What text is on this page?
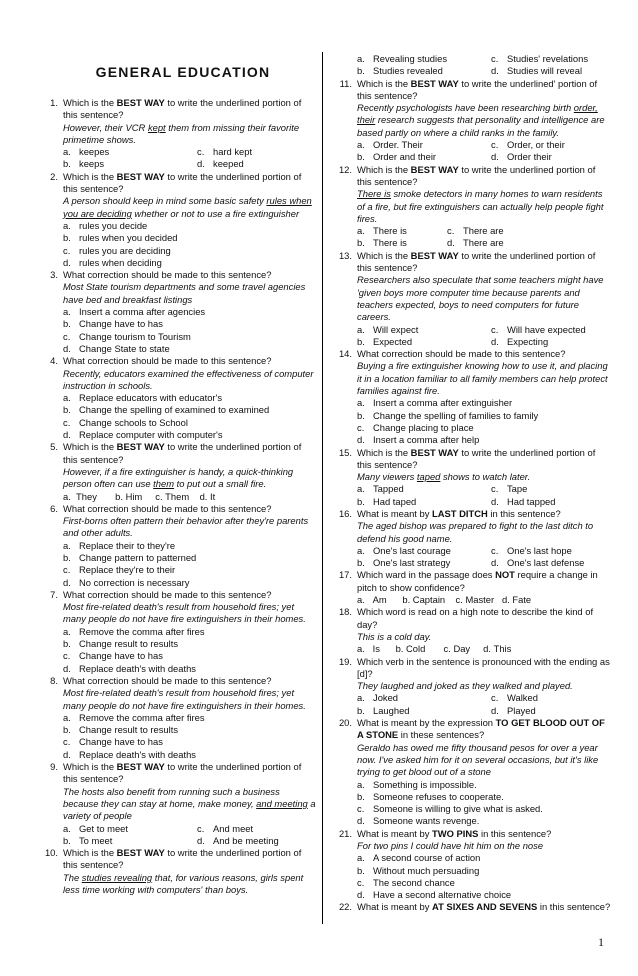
GENERAL EDUCATION
1. Which is the BEST WAY to write the underlined portion of this sentence?
However, their VCR kept them from missing their favorite primetime shows.
a. keepes	c. hard kept
b. keeps	d. keeped
2. Which is the BEST WAY to write the underlined portion of this sentence?
A person should keep in mind some basic safety rules when you are deciding whether or not to use a fire extinguisher
a. rules you decide
b. rules when you decided
c. rules you are deciding
d. rules when deciding
3. What correction should be made to this sentence?
Most State tourism departments and some travel agencies have bed and breakfast listings
a. Insert a comma after agencies
b. Change have to has
c. Change tourism to Tourism
d. Change State to state
4. What correction should be made to this sentence?
Recently, educators examined the effectiveness of computer instruction in schools.
a. Replace educators with educator's
b. Change the spelling of examined to examined
c. Change schools to School
d. Replace computer with computer's
5. Which is the BEST WAY to write the underlined portion of this sentence?
However, if a fire extinguisher is handy, a quick-thinking person often can use them to put out a small fire.
a. They b. Him c. Them d. It
6. What correction should be made to this sentence?
First-borns often pattern their behavior after they're parents and other adults.
a. Replace their to they're
b. Change pattern to patterned
c. Replace they're to their
d. No correction is necessary
7. What correction should be made to this sentence?
Most fire-related death's result from household fires; yet many people do not have fire extinguishers in their homes.
a. Remove the comma after fires
b. Change result to results
c. Change have to has
d. Replace death's with deaths
8. What correction should be made to this sentence?
Most fire-related death's result from household fires; yet many people do not have fire extinguishers in their homes.
a. Remove the comma after fires
b. Change result to results
c. Change have to has
d. Replace death's with deaths
9. Which is the BEST WAY to write the underlined portion of this sentence?
The hosts also benefit from running such a business because they can stay at home, make money, and meeting a variety of people
a. Get to meet	c. And meet
b. To meet	d. And be meeting
10. Which is the BEST WAY to write the underlined portion of this sentence?
The studies revealing that, for various reasons, girls spent less time working with computers' than boys.
a. Revealing studies	c. Studies' revelations
b. Studies revealed	d. Studies will reveal
11. Which is the BEST WAY to write the underlined' portion of this sentence?
Recently psychologists have been researching birth order, their research suggests that personality and intelligence are based partly on where a child ranks in the family.
a. Order. Their	c. Order, or their
b. Order and their	d. Order their
12. Which is the BEST WAY to write the underlined portion of this sentence?
There is smoke detectors in many homes to warn residents of a fire, but fire extinguishers can actually help people fight fires.
a. There is	c. There are
b. There is	d. There are
13. Which is the BEST WAY to write the underlined portion of this sentence?
Researchers also speculate that some teachers might have 'given boys more computer time because parents and teachers expected, boys to need computers for future careers.
a. Will expect	c. Will have expected
b. Expected	d. Expecting
14. What correction should be made to this sentence?
Buying a fire extinguisher knowing how to use it, and placing it in a location familiar to all family members can help protect families against fire.
a. Insert a comma after extinguisher
b. Change the spelling of families to family
c. Change placing to place
d. Insert a comma after help
15. Which is the BEST WAY to write the underlined portion of this sentence?
Many viewers taped shows to watch later.
a. Tapped	c. Tape
b. Had taped	d. Had tapped
16. What is meant by LAST DITCH in this sentence?
The aged bishop was prepared to fight to the last ditch to defend his good name.
a. One's last courage	c. One's last hope
b. One's last strategy	d. One's last defense
17. Which ward in the passage does NOT require a change in pitch to show confidence?
a. Am b. Captain c. Master d. Fate
18. Which word is read on a high note to describe the kind of day?
This is a cold day.
a. Is b. Cold c. Day d. This
19. Which verb in the sentence is pronounced with the ending as [d]?
They laughed and joked as they walked and played.
a. Joked	c. Walked
b. Laughed	d. Played
20. What is meant by the expression TO GET BLOOD OUT OF A STONE in these sentences?
Geraldo has owed me fifty thousand pesos for over a year now. I've asked him for it on several occasions, but it's like trying to get blood out of a stone
a. Something is impossible.
b. Someone refuses to cooperate.
c. Someone is willing to give what is asked.
d. Someone wants revenge.
21. What is meant by TWO PINS in this sentence?
For two pins I could have hit him on the nose
a. A second course of action
b. Without much persuading
c. The second chance
d. Have a second alternative choice
22. What is meant by AT SIXES AND SEVENS in this sentence?
1
